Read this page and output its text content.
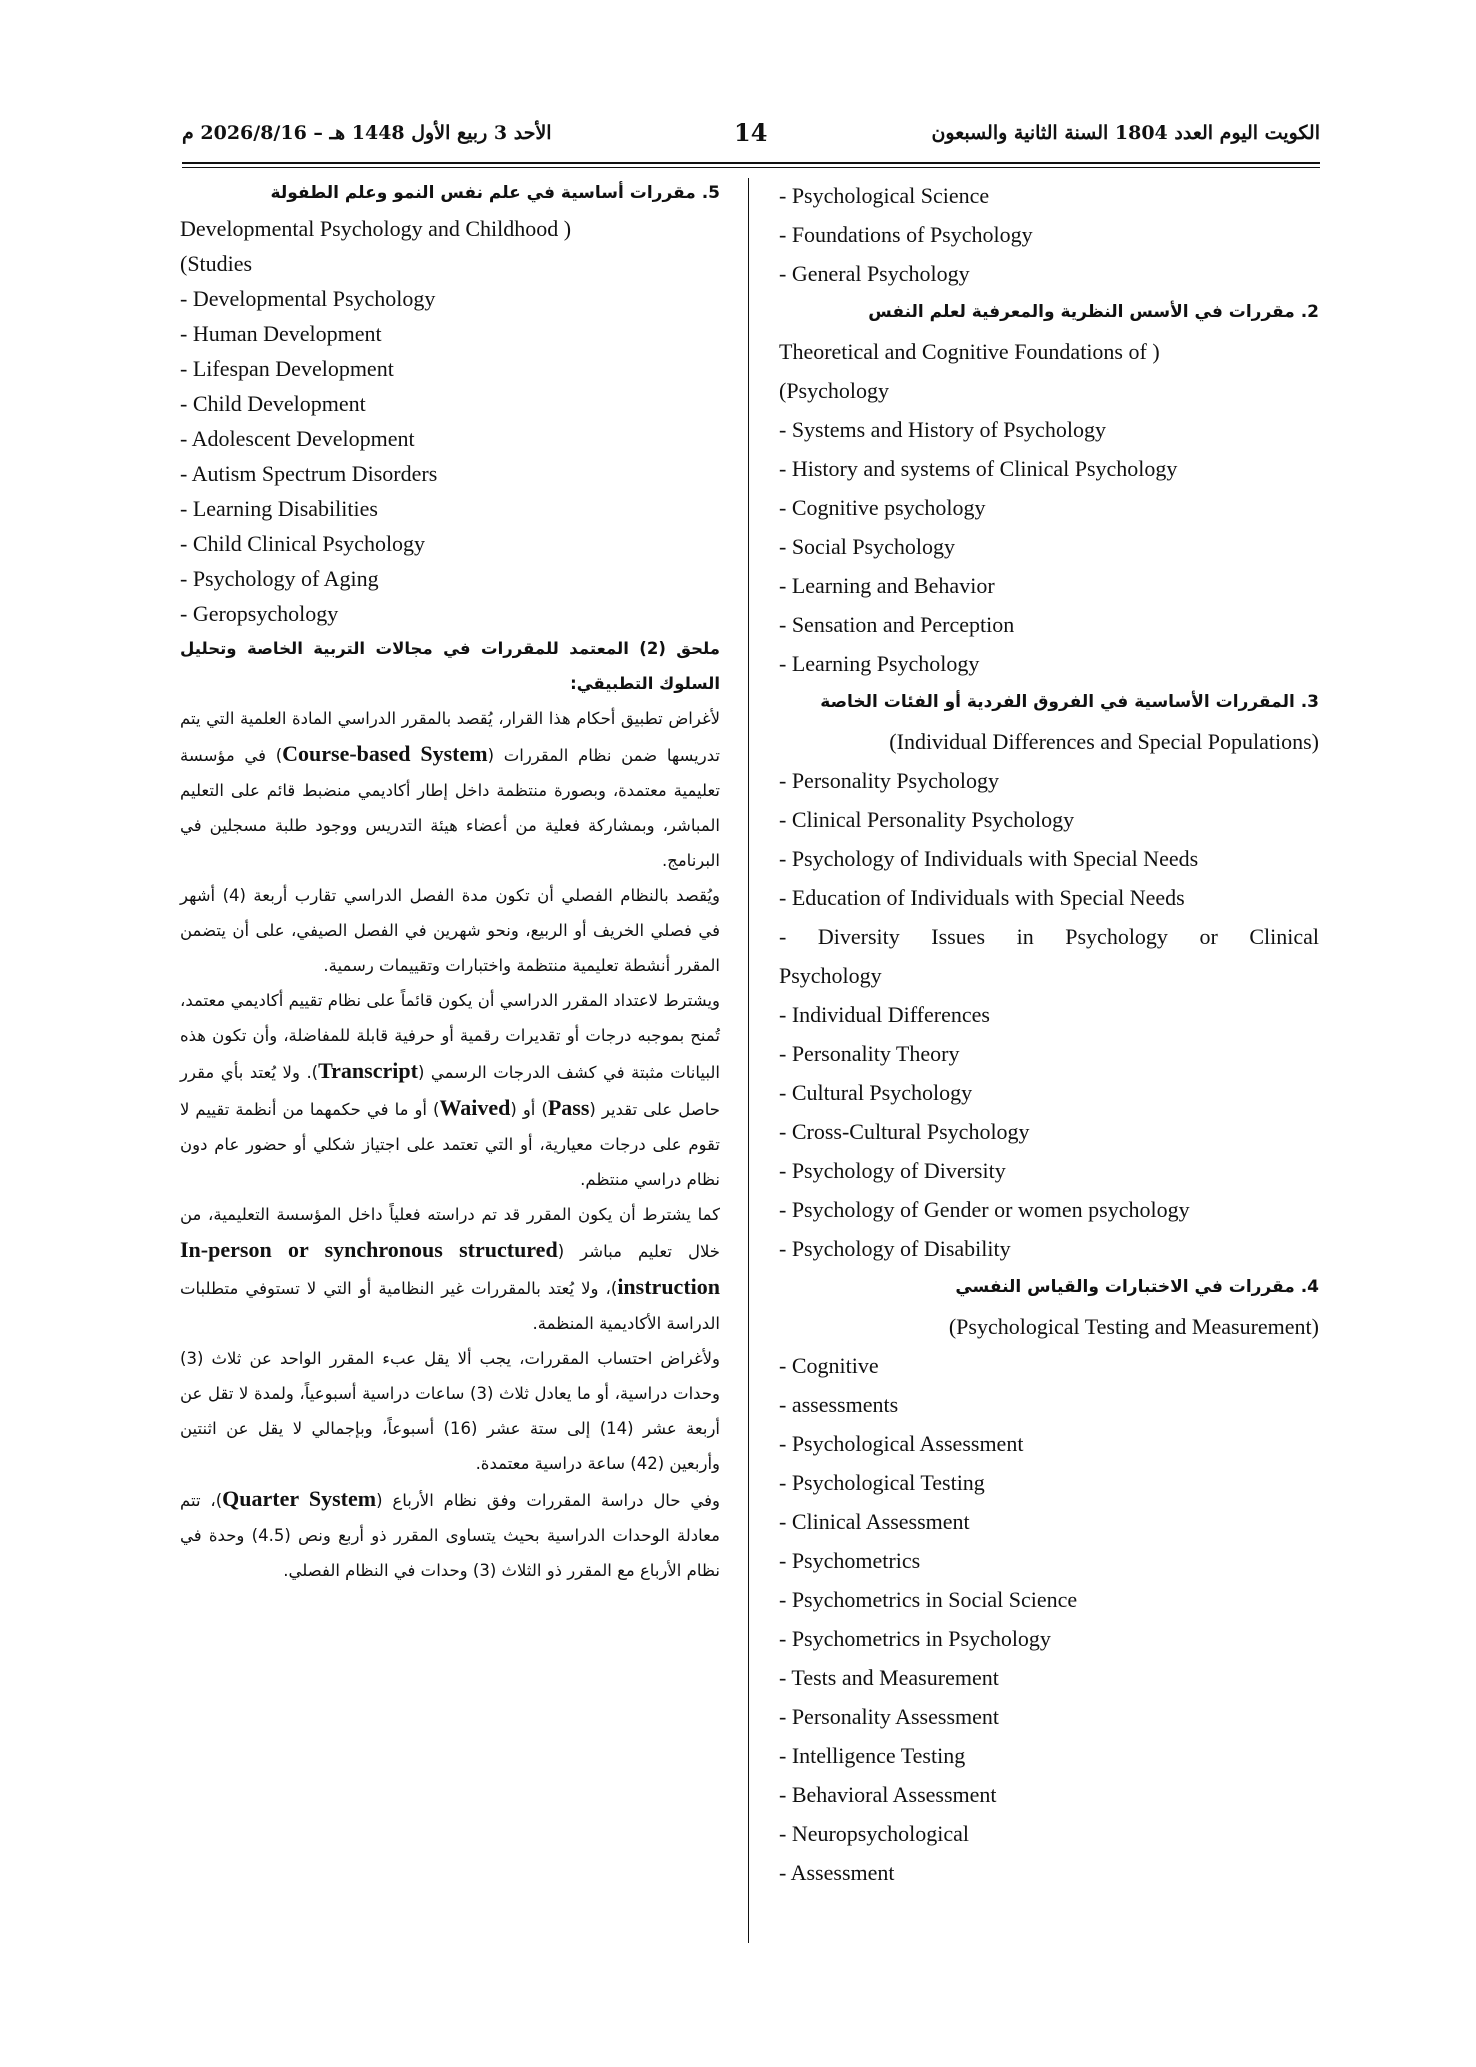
الكويت اليوم العدد 1804 السنة الثانية والسبعون
14
الأحد 3 ربيع الأول 1448 هـ – 2026/8/16 م
- Psychological Science
- Foundations of Psychology
- General Psychology
2. مقررات في الأسس النظرية والمعرفية لعلم النفس
Theoretical and Cognitive Foundations of )
(Psychology
- Systems and History of Psychology
- History and systems of Clinical Psychology
- Cognitive psychology
- Social Psychology
- Learning and Behavior
- Sensation and Perception
- Learning Psychology
3. المقررات الأساسية في الفروق الفردية أو الفئات الخاصة
(Individual Differences and Special Populations)
- Personality Psychology
- Clinical Personality Psychology
- Psychology of Individuals with Special Needs
- Education of Individuals with Special Needs
- Diversity Issues in Psychology or Clinical
Psychology
- Individual Differences
- Personality Theory
- Cultural Psychology
- Cross-Cultural Psychology
- Psychology of Diversity
- Psychology of Gender or women psychology
- Psychology of Disability
4. مقررات في الاختبارات والقياس النفسي
(Psychological Testing and Measurement)
- Cognitive
- assessments
- Psychological Assessment
- Psychological Testing
- Clinical Assessment
- Psychometrics
- Psychometrics in Social Science
- Psychometrics in Psychology
- Tests and Measurement
- Personality Assessment
- Intelligence Testing
- Behavioral Assessment
- Neuropsychological
- Assessment
5. مقررات أساسية في علم نفس النمو وعلم الطفولة
Developmental Psychology and Childhood )
(Studies
- Developmental Psychology
- Human Development
- Lifespan Development
- Child Development
- Adolescent Development
- Autism Spectrum Disorders
- Learning Disabilities
- Child Clinical Psychology
- Psychology of Aging
- Geropsychology
ملحق (2) المعتمد للمقررات في مجالات التربية الخاصة وتحليل السلوك التطبيقي:
لأغراض تطبيق أحكام هذا القرار، يُقصد بالمقرر الدراسي المادة العلمية التي يتم تدريسها ضمن نظام المقررات (Course-based System) في مؤسسة تعليمية معتمدة، وبصورة منتظمة داخل إطار أكاديمي منضبط قائم على التعليم المباشر، وبمشاركة فعلية من أعضاء هيئة التدريس ووجود طلبة مسجلين في البرنامج.
ويُقصد بالنظام الفصلي أن تكون مدة الفصل الدراسي تقارب أربعة (4) أشهر في فصلي الخريف أو الربيع، ونحو شهرين في الفصل الصيفي، على أن يتضمن المقرر أنشطة تعليمية منتظمة واختبارات وتقييمات رسمية.
ويشترط لاعتداد المقرر الدراسي أن يكون قائماً على نظام تقييم أكاديمي معتمد، تُمنح بموجبه درجات أو تقديرات رقمية أو حرفية قابلة للمفاضلة، وأن تكون هذه البيانات مثبتة في كشف الدرجات الرسمي (Transcript). ولا يُعتد بأي مقرر حاصل على تقدير (Pass) أو (Waived) أو ما في حكمهما من أنظمة تقييم لا تقوم على درجات معيارية، أو التي تعتمد على اجتياز شكلي أو حضور عام دون نظام دراسي منتظم.
كما يشترط أن يكون المقرر قد تم دراسته فعلياً داخل المؤسسة التعليمية، من خلال تعليم مباشر (In-person or synchronous structured instruction)، ولا يُعتد بالمقررات غير النظامية أو التي لا تستوفي متطلبات الدراسة الأكاديمية المنظمة.
ولأغراض احتساب المقررات، يجب ألا يقل عبء المقرر الواحد عن ثلاث (3) وحدات دراسية، أو ما يعادل ثلاث (3) ساعات دراسية أسبوعياً، ولمدة لا تقل عن أربعة عشر (14) إلى ستة عشر (16) أسبوعاً، وبإجمالي لا يقل عن اثنتين وأربعين (42) ساعة دراسية معتمدة.
وفي حال دراسة المقررات وفق نظام الأرباع (Quarter System)، تتم معادلة الوحدات الدراسية بحيث يتساوى المقرر ذو أربع ونص (4.5) وحدة في نظام الأرباع مع المقرر ذو الثلاث (3) وحدات في النظام الفصلي.
